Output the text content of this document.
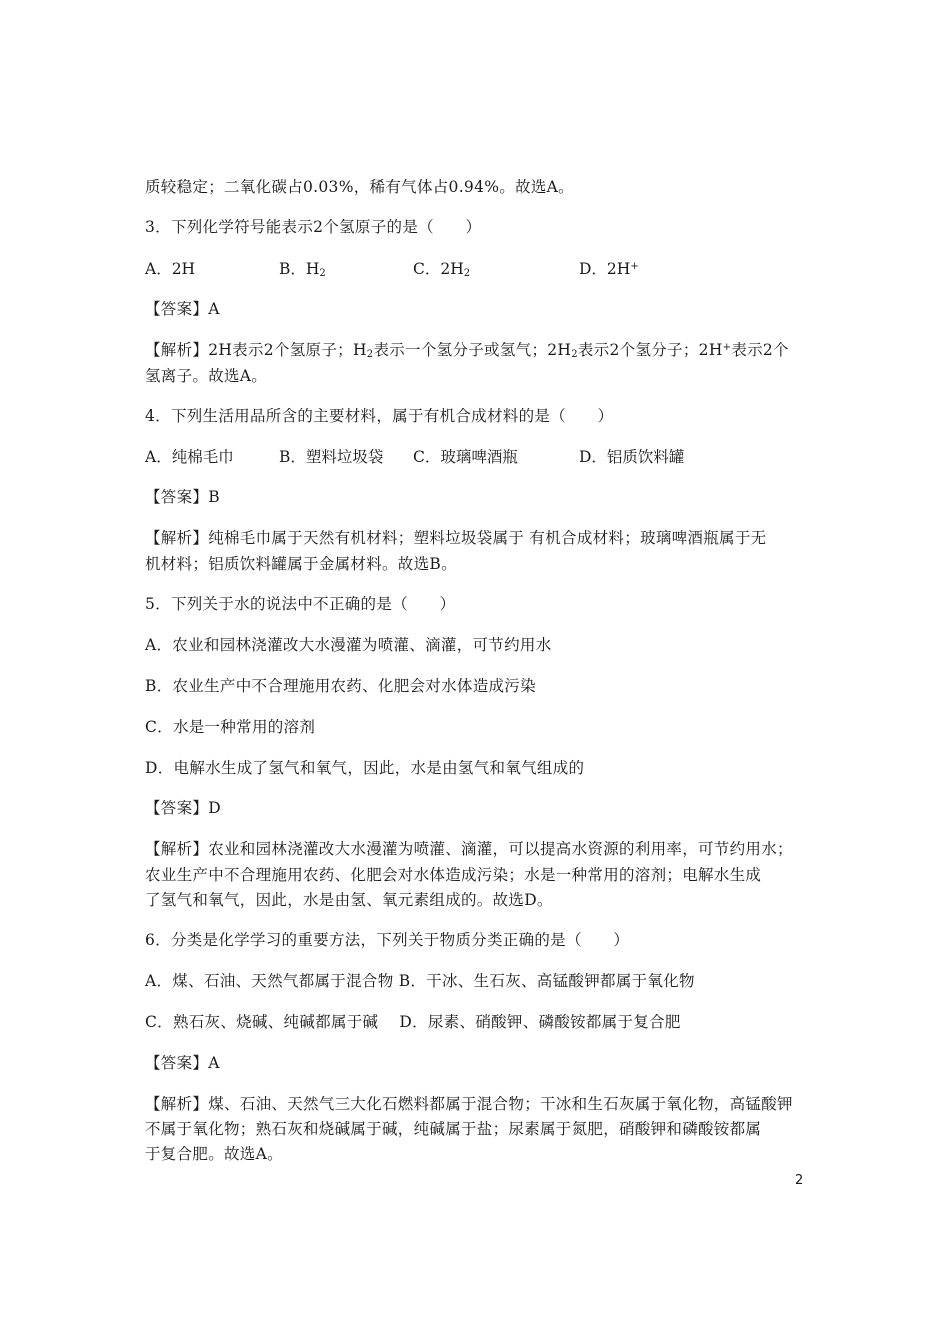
质较稳定；二氧化碳占0.03%，稀有气体占0.94%。故选A。
3．下列化学符号能表示2个氢原子的是（　　）
A．2H	B．$H_2$	C．$2H_2$	D．2H+
【答案】A
【解析】2H表示2个氢原子；$H_2$表示一个氢分子或氢气；$2H_2$表示2个氢分子；2H+表示2个
氢离子。故选A。
4．下列生活用品所含的主要材料，属于有机合成材料的是（　　）
A．纯棉毛巾	B．塑料垃圾袋 C．玻璃啤酒瓶	D．铝质饮料罐
【答案】B
【解析】纯棉毛巾属于天然有机材料；塑料垃圾袋属于 有机合成材料；玻璃啤酒瓶属于无
机材料；铝质饮料罐属于金属材料。故选B。
5．下列关于水的说法中不正确的是（　　）
A．农业和园林浇灌改大水漫灌为喷灌、滴灌，可节约用水
B．农业生产中不合理施用农药、化肥会对水体造成污染
C．水是一种常用的溶剂
D．电解水生成了氢气和氧气，因此，水是由氢气和氧气组成的
【答案】D
【解析】农业和园林浇灌改大水漫灌为喷灌、滴灌，可以提高水资源的利用率，可节约用水；
农业生产中不合理施用农药、化肥会对水体造成污染；水是一种常用的溶剂；电解水生成
了氢气和氧气，因此，水是由氢、氧元素组成的。故选D。
6．分类是化学学习的重要方法，下列关于物质分类正确的是（　　）
A．煤、石油、天然气都属于混合物 B．干冰、生石灰、高锰酸钾都属于氧化物
C．熟石灰、烧碱、纯碱都属于碱　 D．尿素、硝酸钾、磷酸铵都属于复合肥
【答案】A
【解析】煤、石油、天然气三大化石燃料都属于混合物；干冰和生石灰属于氧化物，高锰酸钾
不属于氧化物；熟石灰和烧碱属于碱，纯碱属于盐；尿素属于氮肥，硝酸钾和磷酸铵都属
于复合肥。故选A。
2
